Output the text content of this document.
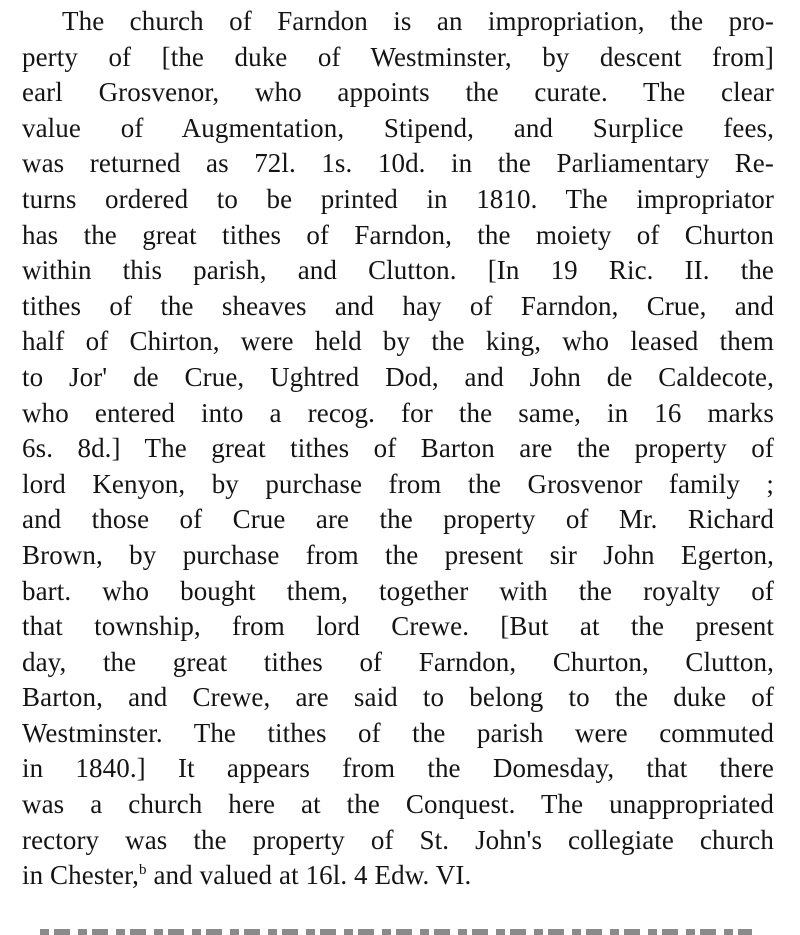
The church of Farndon is an impropriation, the pro-
perty of [the duke of Westminster, by descent from]
earl Grosvenor, who appoints the curate. The clear
value of Augmentation, Stipend, and Surplice fees,
was returned as 72l. 1s. 10d. in the Parliamentary Re-
turns ordered to be printed in 1810. The impropriator
has the great tithes of Farndon, the moiety of Churton
within this parish, and Clutton. [In 19 Ric. II. the
tithes of the sheaves and hay of Farndon, Crue, and
half of Chirton, were held by the king, who leased them
to Jor' de Crue, Ughtred Dod, and John de Caldecote,
who entered into a recog. for the same, in 16 marks
6s. 8d.] The great tithes of Barton are the property of
lord Kenyon, by purchase from the Grosvenor family ;
and those of Crue are the property of Mr. Richard
Brown, by purchase from the present sir John Egerton,
bart. who bought them, together with the royalty of
that township, from lord Crewe. [But at the present
day, the great tithes of Farndon, Churton, Clutton,
Barton, and Crewe, are said to belong to the duke of
Westminster. The tithes of the parish were commuted
in 1840.] It appears from the Domesday, that there
was a church here at the Conquest. The unappropriated
rectory was the property of St. John's collegiate church
in Chester,$^b$ and valued at 16l. 4 Edw. VI.
